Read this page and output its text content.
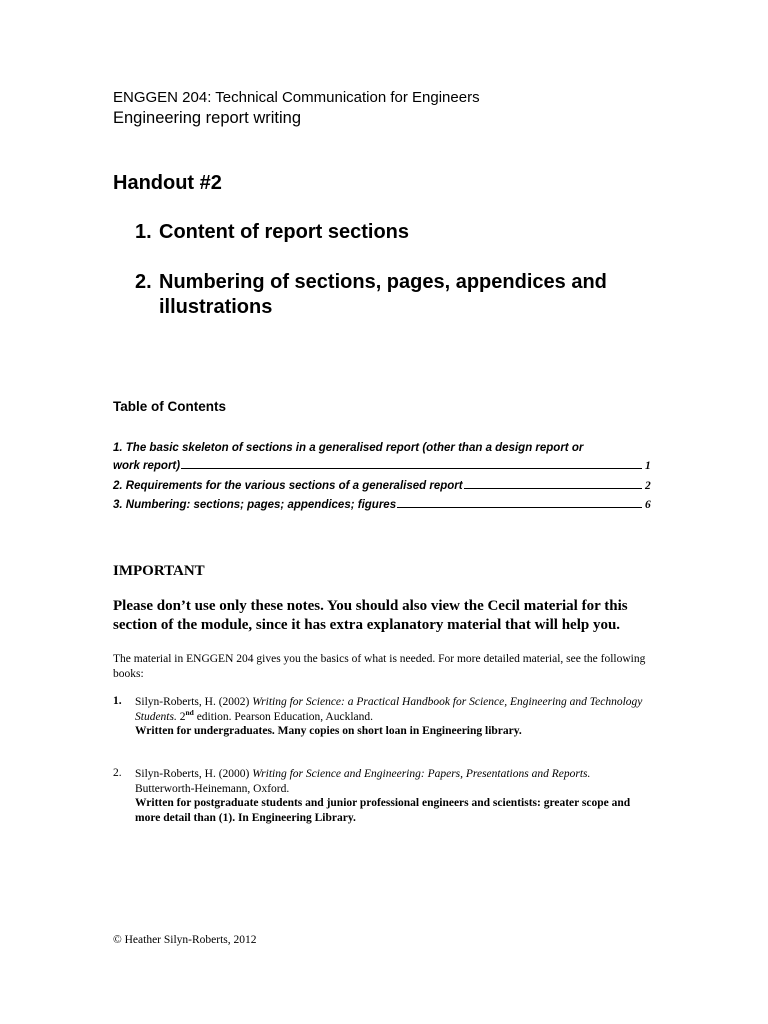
ENGGEN 204: Technical Communication for Engineers
Engineering report writing
Handout #2
1. Content of report sections
2. Numbering of sections, pages, appendices and
illustrations
Table of Contents
1. The basic skeleton of sections in a generalised report (other than a design report or
work report)	1
2. Requirements for the various sections of a generalised report	2
3. Numbering: sections; pages; appendices; figures	6
IMPORTANT
Please don’t use only these notes. You should also view the Cecil material for this section of the module, since it has extra explanatory material that will help you.
The material in ENGGEN 204 gives you the basics of what is needed. For more detailed material, see the following books:
1. Silyn-Roberts, H. (2002) Writing for Science: a Practical Handbook for Science, Engineering and Technology Students. 2nd edition. Pearson Education, Auckland.
Written for undergraduates. Many copies on short loan in Engineering library.
2. Silyn-Roberts, H. (2000) Writing for Science and Engineering: Papers, Presentations and Reports.
Butterworth-Heinemann, Oxford.
Written for postgraduate students and junior professional engineers and scientists: greater scope and more detail than (1). In Engineering Library.
© Heather Silyn-Roberts, 2012
